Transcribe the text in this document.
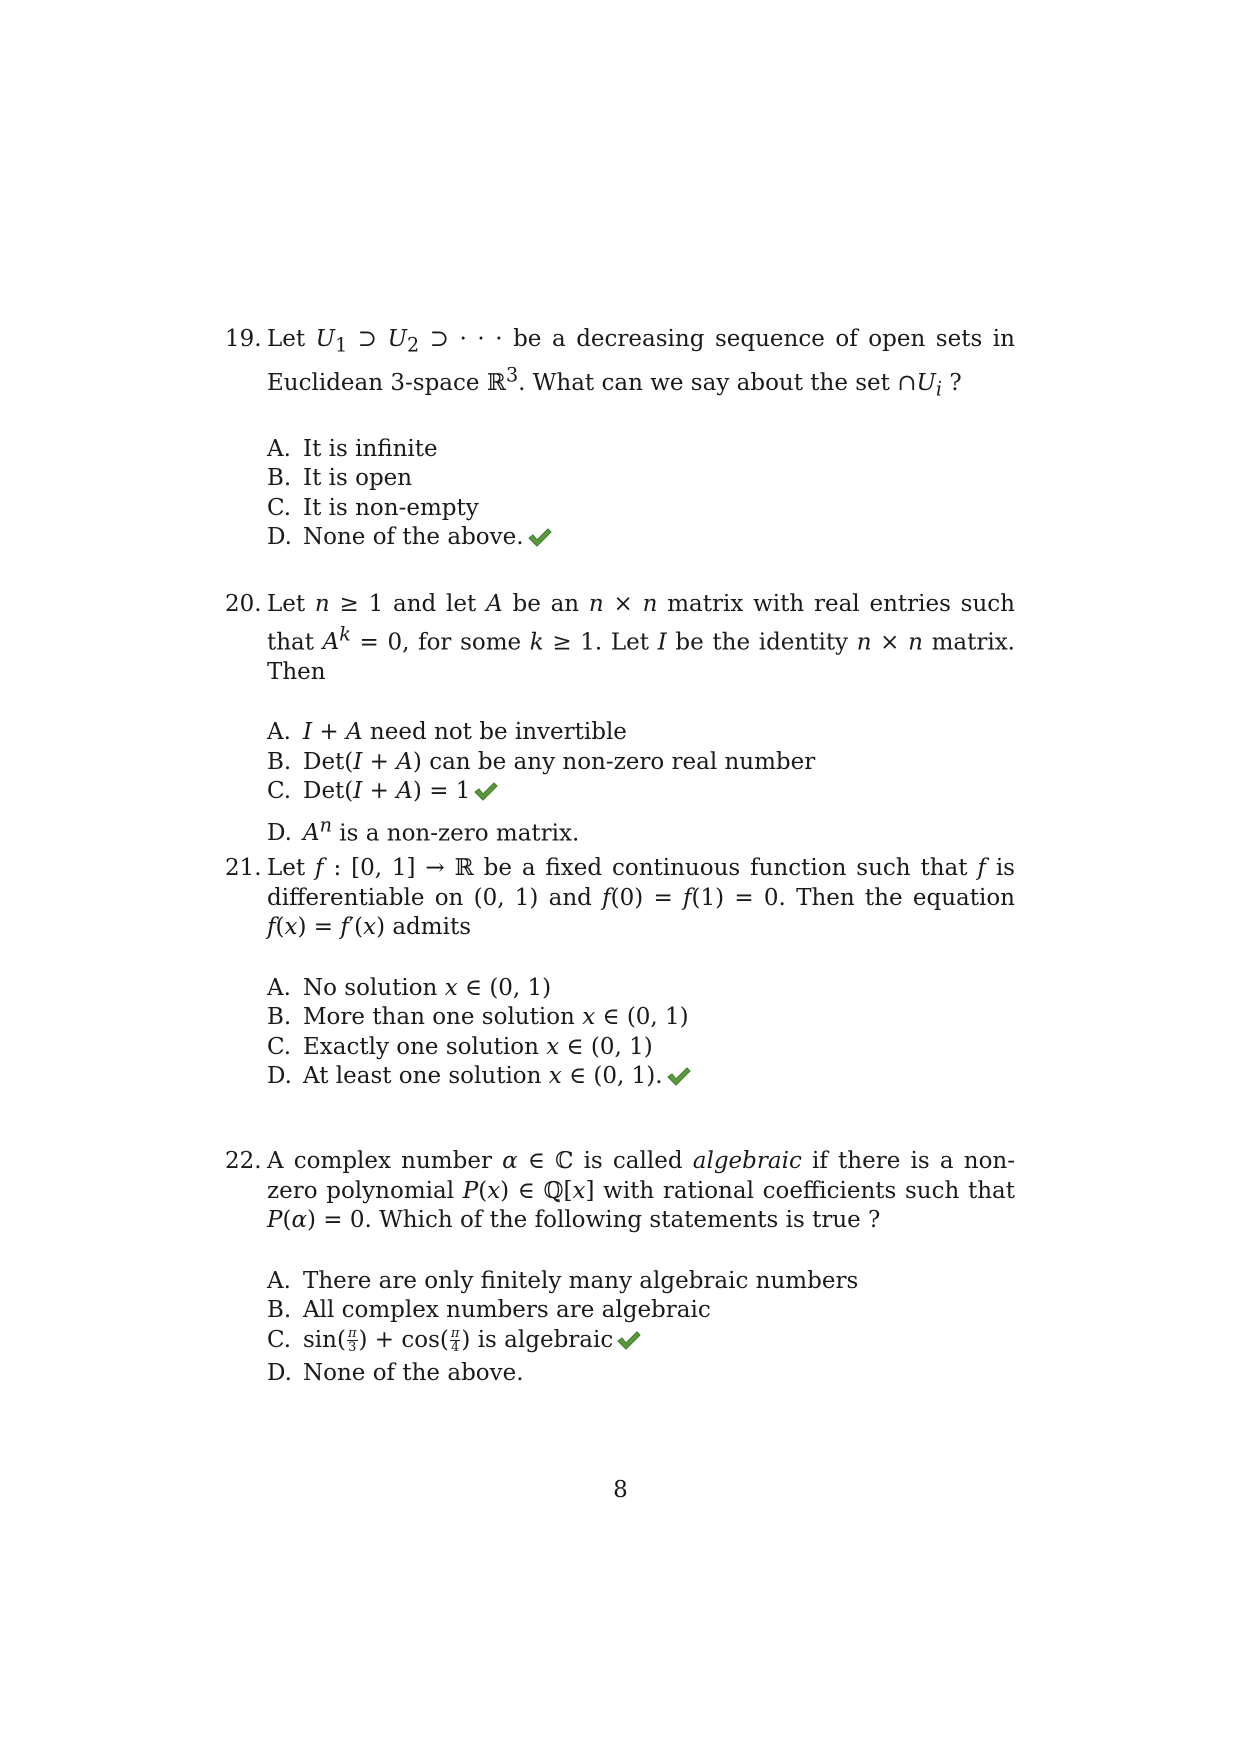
19. Let $U_1$ ⊃ $U_2$ ⊃ · · · be a decreasing sequence of open sets in Euclidean 3-space ℝ$^3$. What can we say about the set $\cap U_i$ ?
A. It is infinite
B. It is open
C. It is non-empty
D. None of the above.
20. Let n ≥ 1 and let A be an n × n matrix with real entries such that $A^k = 0$, for some k ≥ 1. Let I be the identity n × n matrix. Then
A. I + A need not be invertible
B. Det(I + A) can be any non-zero real number
C. Det(I + A) = 1
D. $A^n$ is a non-zero matrix.
21. Let f : [0, 1] → ℝ be a fixed continuous function such that f is differentiable on (0, 1) and f(0) = f(1) = 0. Then the equation f(x) = f′(x) admits
A. No solution x ∈ (0, 1)
B. More than one solution x ∈ (0, 1)
C. Exactly one solution x ∈ (0, 1)
D. At least one solution x ∈ (0, 1).
22. A complex number α ∈ ℂ is called algebraic if there is a non-zero polynomial P(x) ∈ ℚ[x] with rational coefficients such that P(α) = 0. Which of the following statements is true ?
A. There are only finitely many algebraic numbers
B. All complex numbers are algebraic
C. $\sin( \frac{\pi}{3}$ ) + $\cos( \frac{\pi}{4}$ ) is algebraic
D. None of the above.
8
